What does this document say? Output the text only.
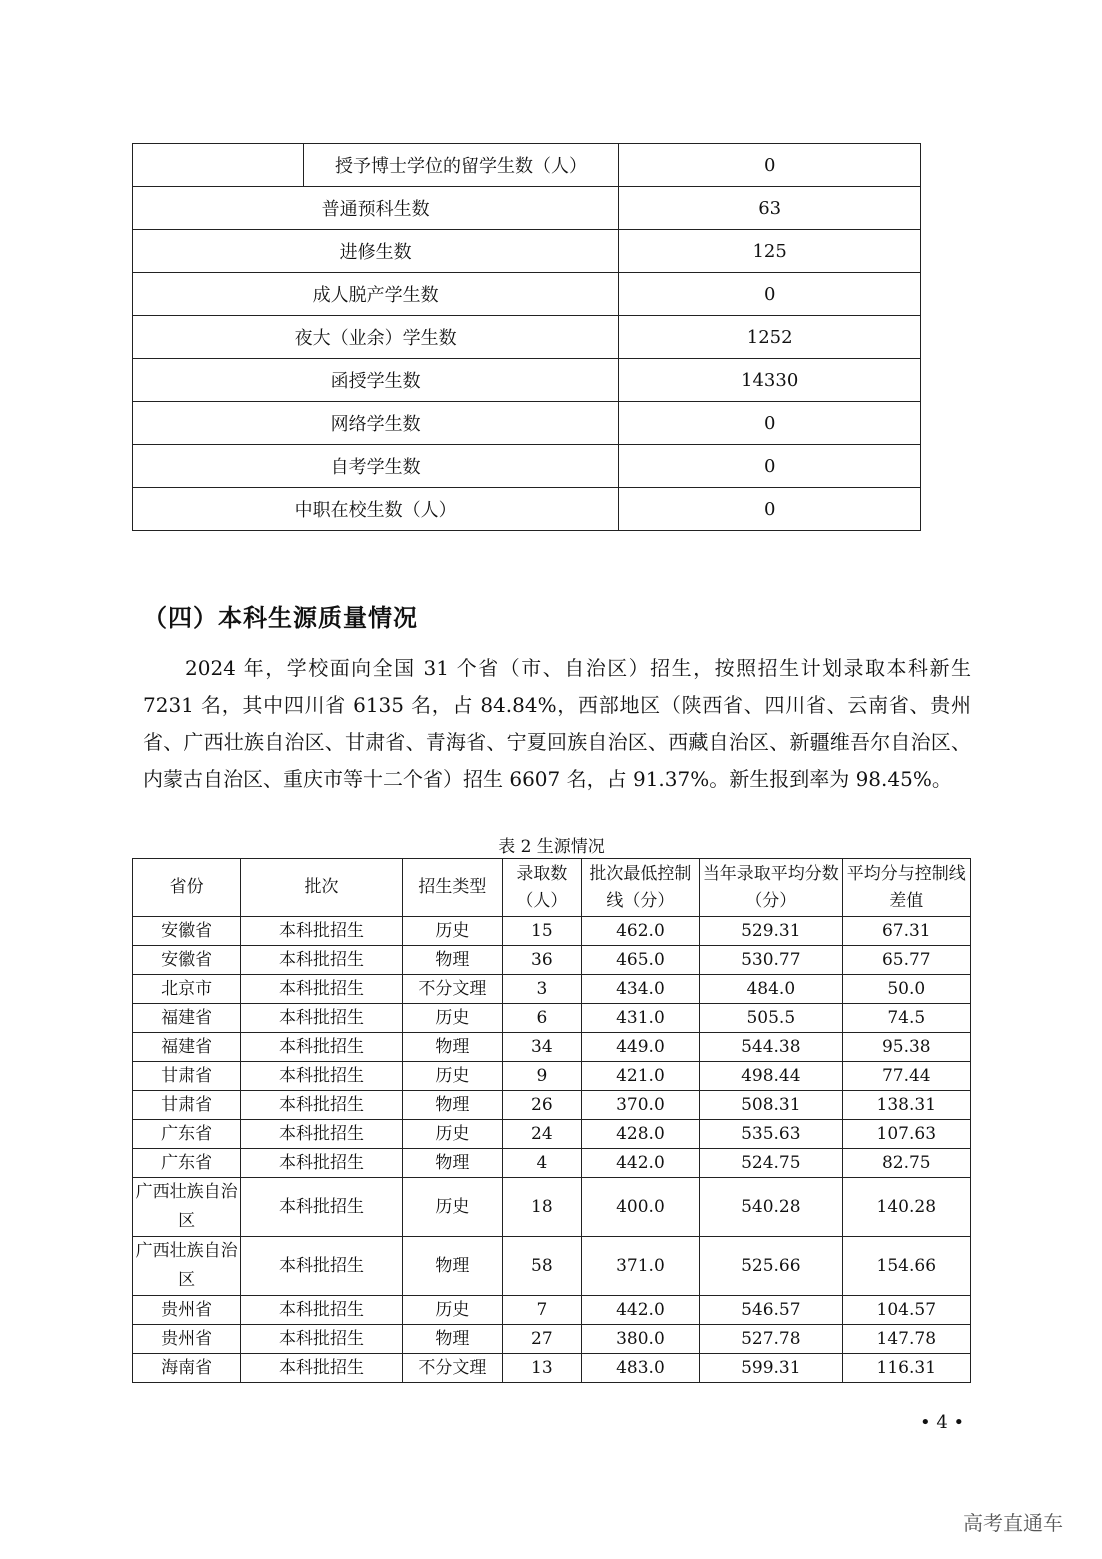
	授予博士学位的留学生数（人）	0
普通预科生数		63
进修生数		125
成人脱产学生数		0
夜大（业余）学生数		1252
函授学生数		14330
网络学生数		0
自考学生数		0
中职在校生数（人）		0
（四）本科生源质量情况

2024 年，学校面向全国 31 个省（市、自治区）招生，按照招生计划录取本科新生 7231 名，其中四川省 6135 名，占 84.84%，西部地区（陕西省、四川省、云南省、贵州省、广西壮族自治区、甘肃省、青海省、宁夏回族自治区、西藏自治区、新疆维吾尔自治区、内蒙古自治区、重庆市等十二个省）招生 6607 名，占 91.37%。新生报到率为 98.45%。

表 2 生源情况
省份	批次	招生类型	录取数（人）	批次最低控制线（分）	当年录取平均分数（分）	平均分与控制线差值
安徽省	本科批招生	历史	15	462.0	529.31	67.31
安徽省	本科批招生	物理	36	465.0	530.77	65.77
北京市	本科批招生	不分文理	3	434.0	484.0	50.0
福建省	本科批招生	历史	6	431.0	505.5	74.5
福建省	本科批招生	物理	34	449.0	544.38	95.38
甘肃省	本科批招生	历史	9	421.0	498.44	77.44
甘肃省	本科批招生	物理	26	370.0	508.31	138.31
广东省	本科批招生	历史	24	428.0	535.63	107.63
广东省	本科批招生	物理	4	442.0	524.75	82.75
广西壮族自治区	本科批招生	历史	18	400.0	540.28	140.28
广西壮族自治区	本科批招生	物理	58	371.0	525.66	154.66
贵州省	本科批招生	历史	7	442.0	546.57	104.57
贵州省	本科批招生	物理	27	380.0	527.78	147.78
海南省	本科批招生	不分文理	13	483.0	599.31	116.31
• 4 •
高考直通车
